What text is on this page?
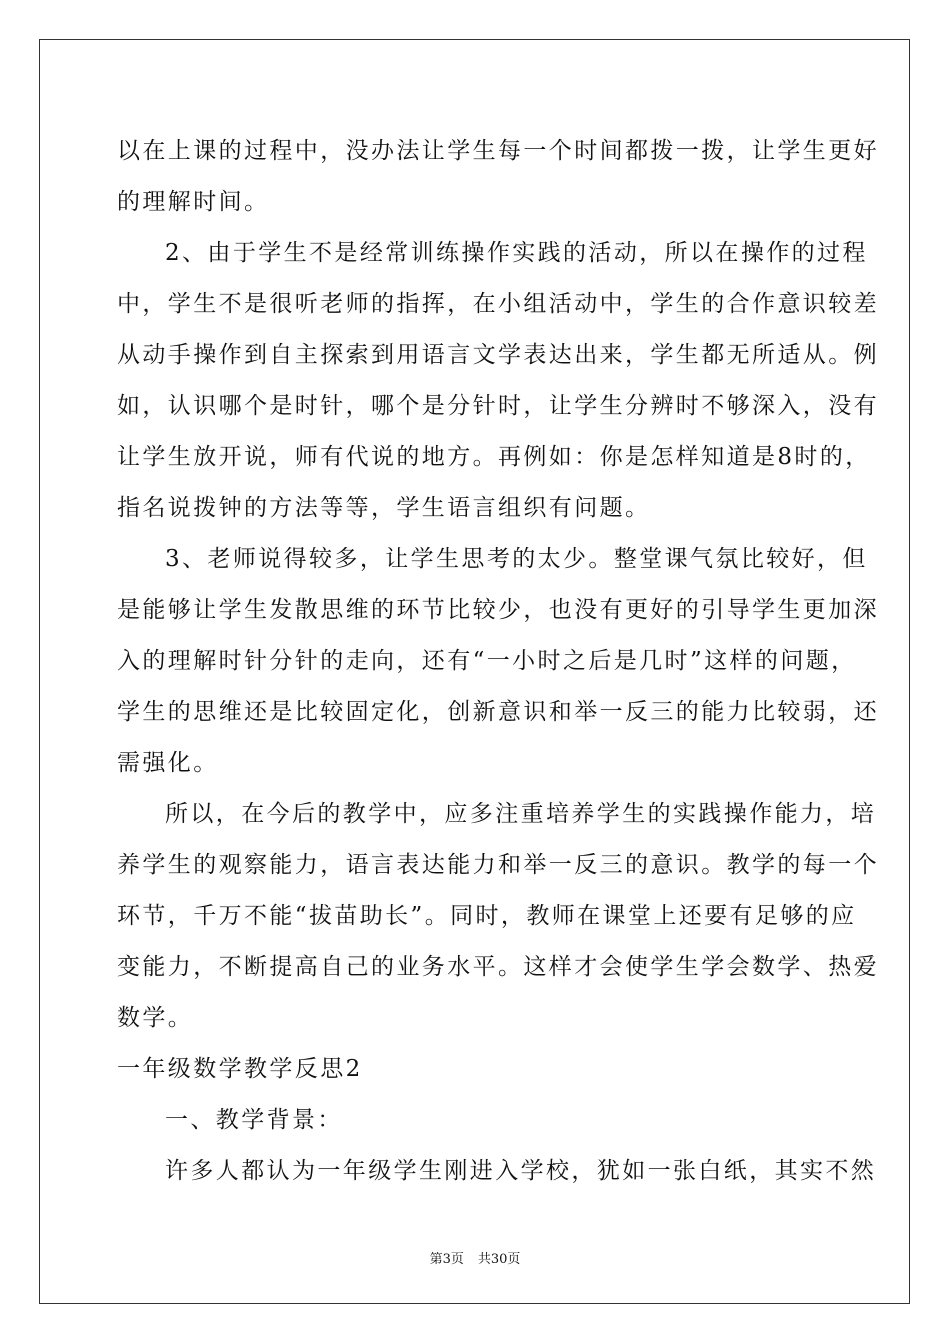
以在上课的过程中，没办法让学生每一个时间都拨一拨，让学生更好
的理解时间。
2、由于学生不是经常训练操作实践的活动，所以在操作的过程
中，学生不是很听老师的指挥，在小组活动中，学生的合作意识较差
从动手操作到自主探索到用语言文学表达出来，学生都无所适从。例
如，认识哪个是时针，哪个是分针时，让学生分辨时不够深入，没有
让学生放开说，师有代说的地方。再例如：你是怎样知道是8时的，
指名说拨钟的方法等等，学生语言组织有问题。
3、老师说得较多，让学生思考的太少。整堂课气氛比较好，但
是能够让学生发散思维的环节比较少，也没有更好的引导学生更加深
入的理解时针分针的走向，还有“一小时之后是几时”这样的问题，
学生的思维还是比较固定化，创新意识和举一反三的能力比较弱，还
需强化。
所以，在今后的教学中，应多注重培养学生的实践操作能力，培
养学生的观察能力，语言表达能力和举一反三的意识。教学的每一个
环节，千万不能“拔苗助长”。同时，教师在课堂上还要有足够的应
变能力，不断提高自己的业务水平。这样才会使学生学会数学、热爱
数学。
一年级数学教学反思2
一、教学背景：
许多人都认为一年级学生刚进入学校，犹如一张白纸，其实不然
第3页 共30页
